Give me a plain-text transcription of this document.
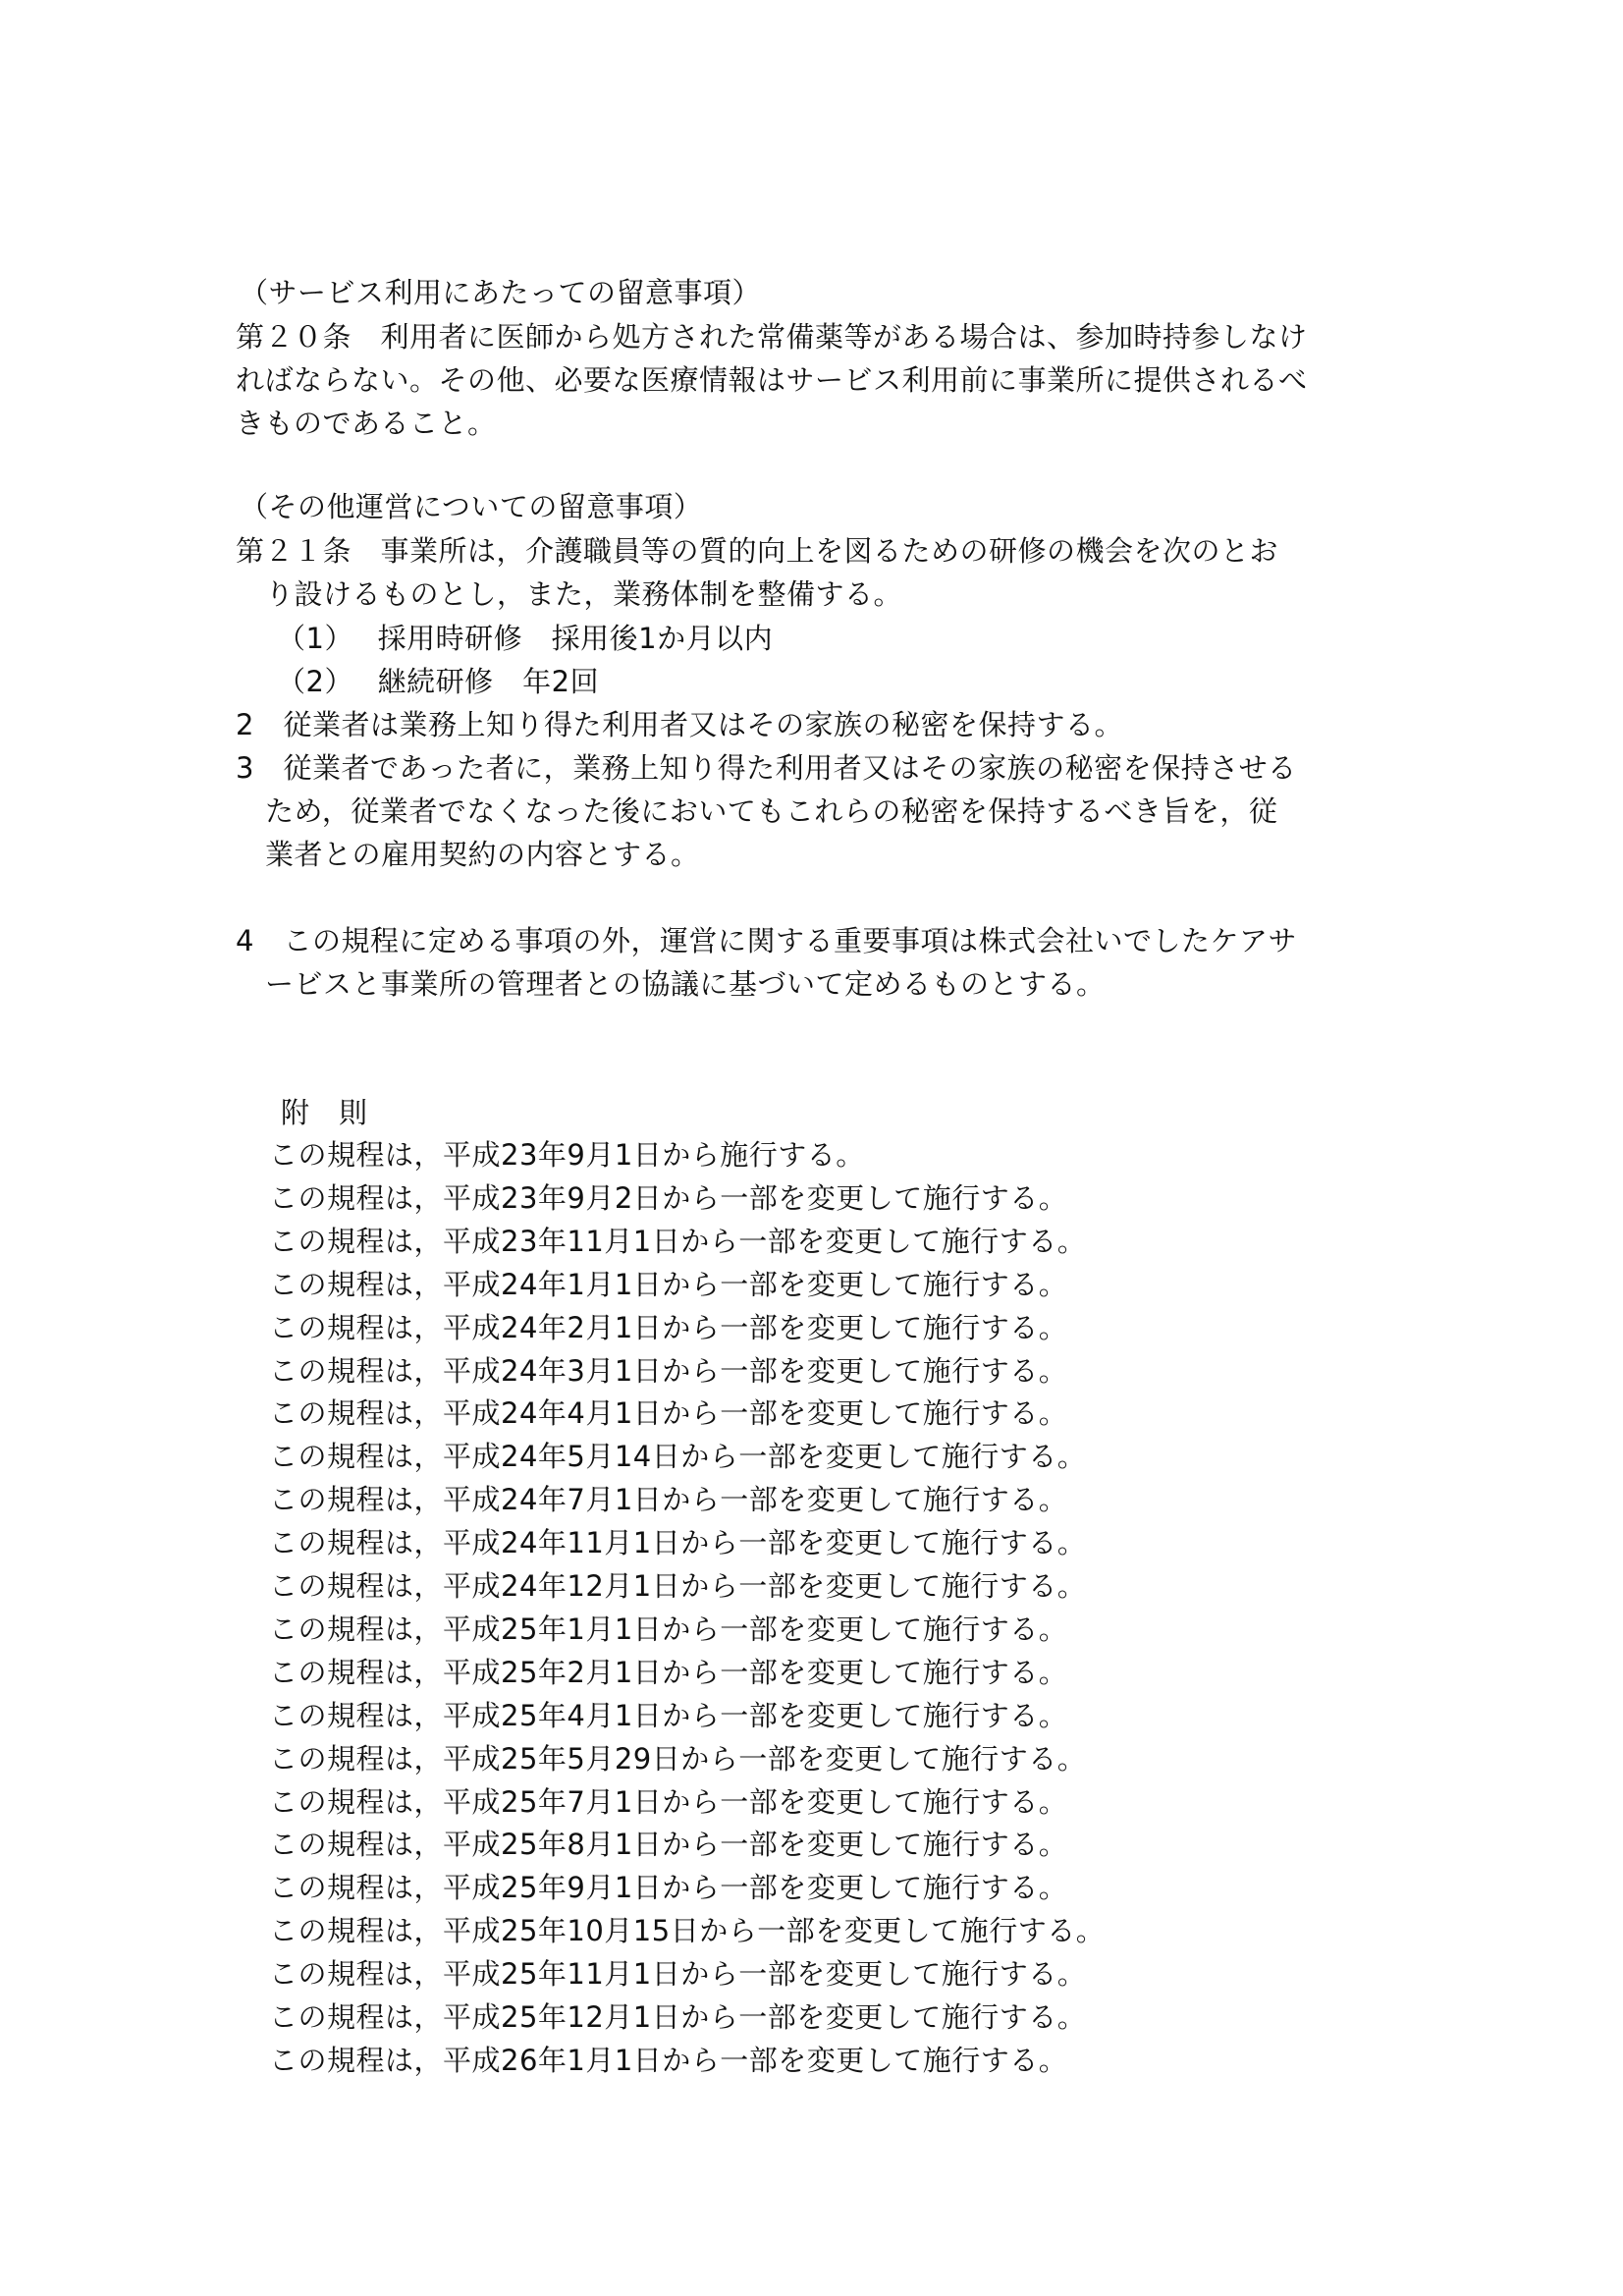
（サービス利用にあたっての留意事項）
第２０条　利用者に医師から処方された常備薬等がある場合は、参加時持参しなけ
ればならない。その他、必要な医療情報はサービス利用前に事業所に提供されるべ
きものであること。
（その他運営についての留意事項）
第２１条　事業所は，介護職員等の質的向上を図るための研修の機会を次のとお
り設けるものとし，また，業務体制を整備する。
（1）　 採用時研修　採用後1か月以内
（2）　 継続研修　年2回
2　従業者は業務上知り得た利用者又はその家族の秘密を保持する。
3　従業者であった者に，業務上知り得た利用者又はその家族の秘密を保持させる
ため，従業者でなくなった後においてもこれらの秘密を保持するべき旨を，従
業者との雇用契約の内容とする。
4　この規程に定める事項の外，運営に関する重要事項は株式会社いでしたケアサ
ービスと事業所の管理者との協議に基づいて定めるものとする。
附　則
この規程は，平成23年9月1日から施行する。
この規程は，平成23年9月2日から一部を変更して施行する。
この規程は，平成23年11月1日から一部を変更して施行する。
この規程は，平成24年1月1日から一部を変更して施行する。
この規程は，平成24年2月1日から一部を変更して施行する。
この規程は，平成24年3月1日から一部を変更して施行する。
この規程は，平成24年4月1日から一部を変更して施行する。
この規程は，平成24年5月14日から一部を変更して施行する。
この規程は，平成24年7月1日から一部を変更して施行する。
この規程は，平成24年11月1日から一部を変更して施行する。
この規程は，平成24年12月1日から一部を変更して施行する。
この規程は，平成25年1月1日から一部を変更して施行する。
この規程は，平成25年2月1日から一部を変更して施行する。
この規程は，平成25年4月1日から一部を変更して施行する。
この規程は，平成25年5月29日から一部を変更して施行する。
この規程は，平成25年7月1日から一部を変更して施行する。
この規程は，平成25年8月1日から一部を変更して施行する。
この規程は，平成25年9月1日から一部を変更して施行する。
この規程は，平成25年10月15日から一部を変更して施行する。
この規程は，平成25年11月1日から一部を変更して施行する。
この規程は，平成25年12月1日から一部を変更して施行する。
この規程は，平成26年1月1日から一部を変更して施行する。
